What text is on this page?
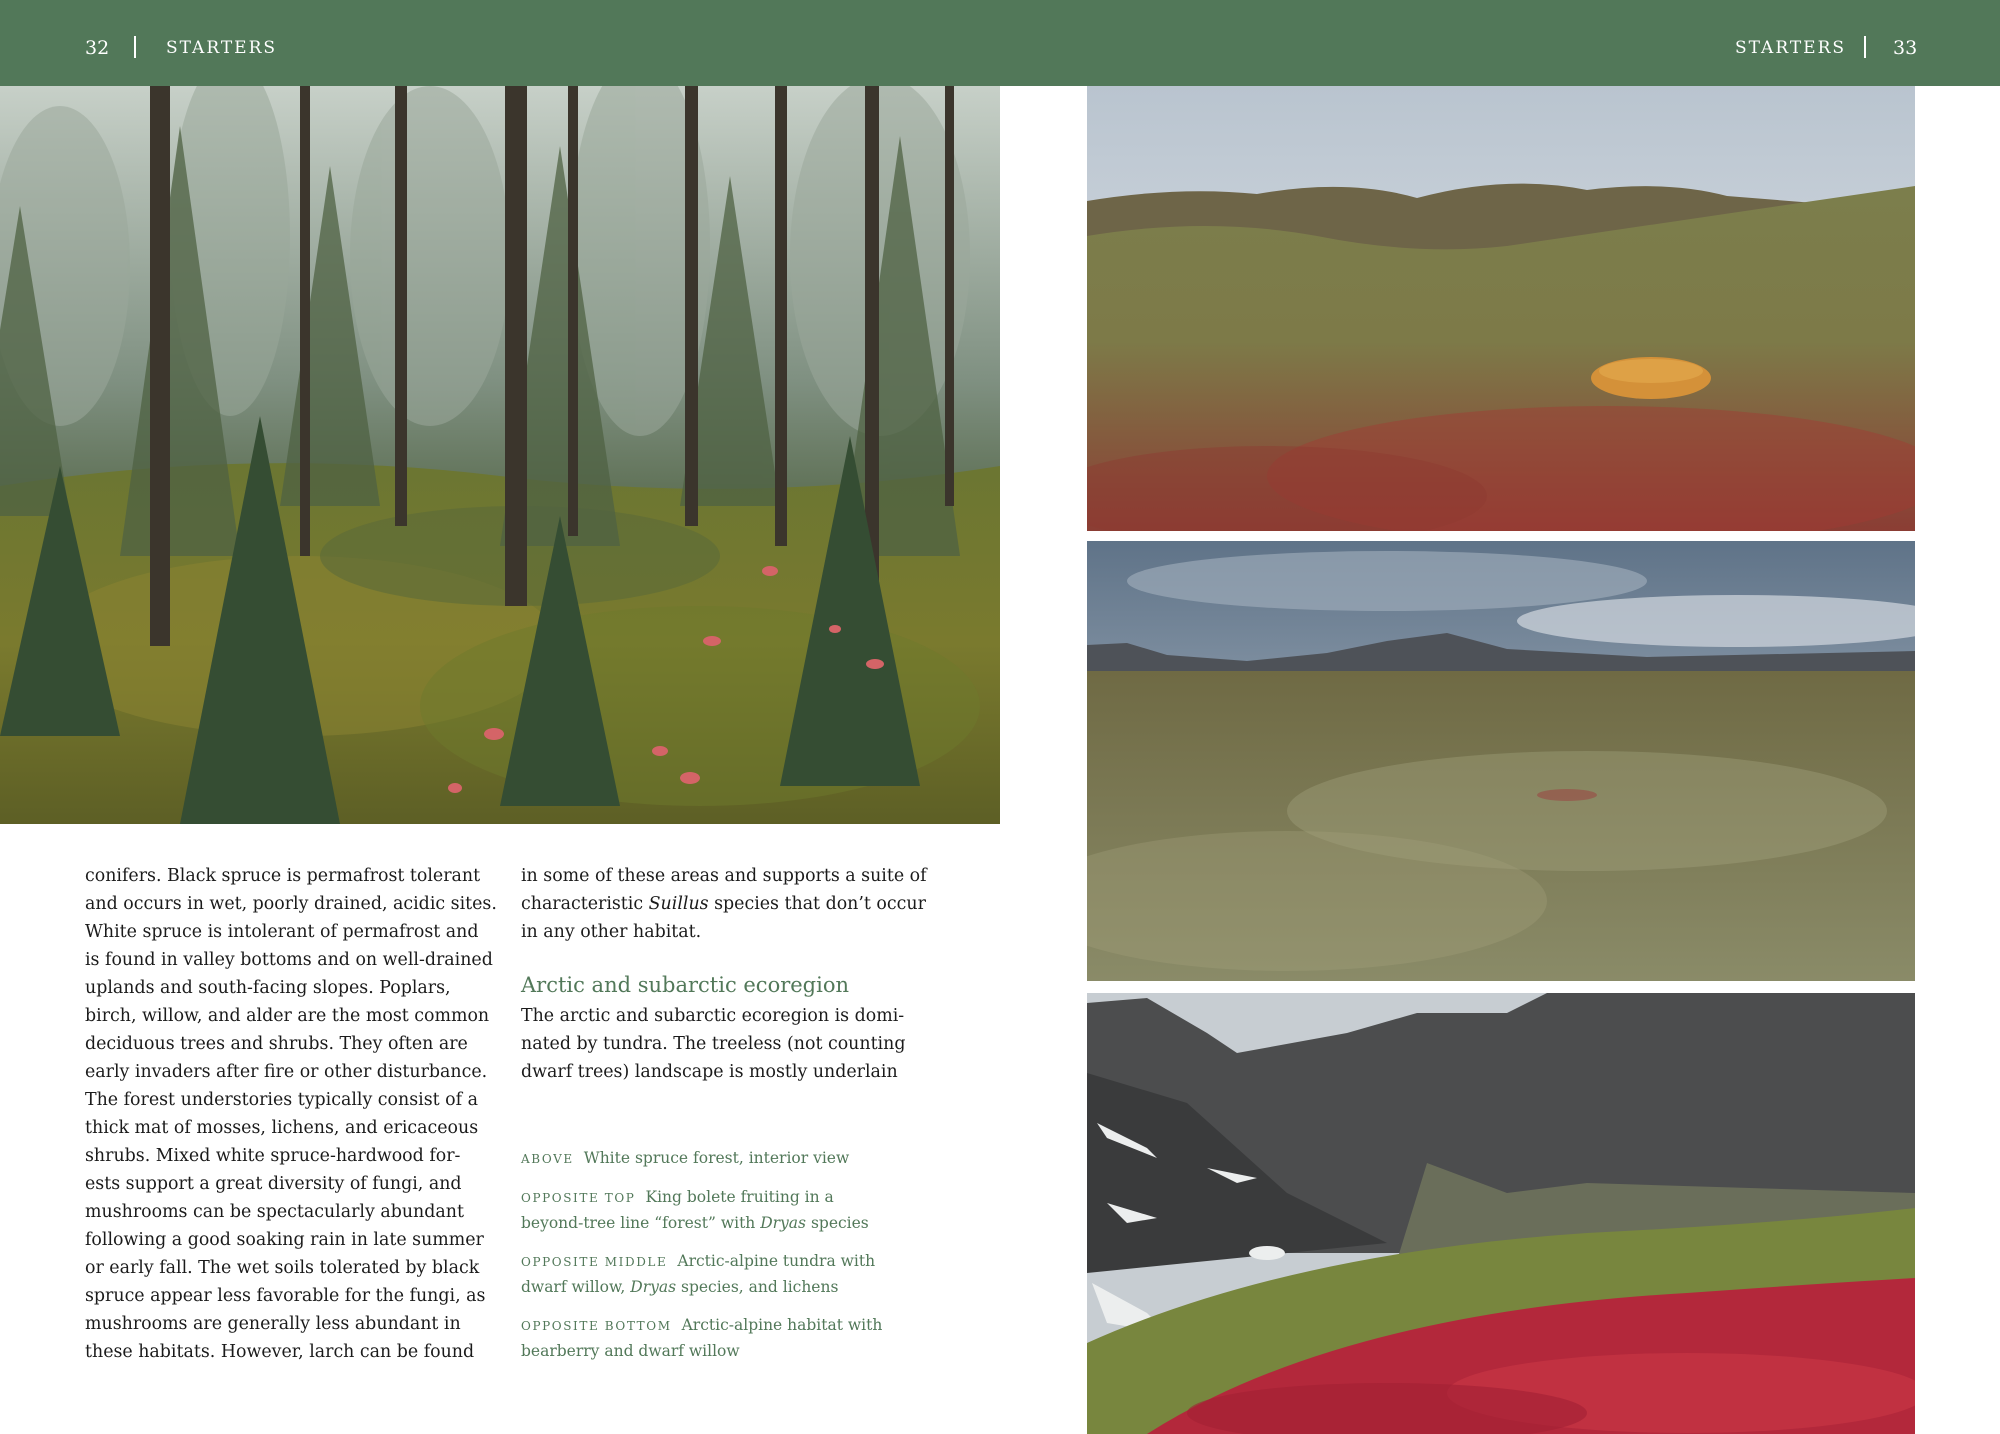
32	STARTERS	STARTERS 33

conifers. Black spruce is permafrost tolerant

and occurs in wet, poorly drained, acidic sites.

White spruce is intolerant of permafrost and

is found in valley bottoms and on well-drained

uplands and south-facing slopes. Poplars,

birch, willow, and alder are the most common

deciduous trees and shrubs. They often are

early invaders after fire or other disturbance.

The forest understories typically consist of a

thick mat of mosses, lichens, and ericaceous

shrubs. Mixed white spruce-hardwood for-

ests support a great diversity of fungi, and

mushrooms can be spectacularly abundant

following a good soaking rain in late summer

or early fall. The wet soils tolerated by black

spruce appear less favorable for the fungi, as

mushrooms are generally less abundant in

these habitats. However, larch can be found

in some of these areas and supports a suite of

characteristic Suillus species that don’t occur

in any other habitat.

Arctic and subarctic ecoregion

The arctic and subarctic ecoregion is domi-

nated by tundra. The treeless (not counting

dwarf trees) landscape is mostly underlain

ABOVE White spruce forest, interior view
OPPOSITE TOP King bolete fruiting in a
beyond-tree line “forest” with Dryas species
OPPOSITE MIDDLE Arctic-alpine tundra with
dwarf willow, Dryas species, and lichens
OPPOSITE BOTTOM Arctic-alpine habitat with
bearberry and dwarf willow
